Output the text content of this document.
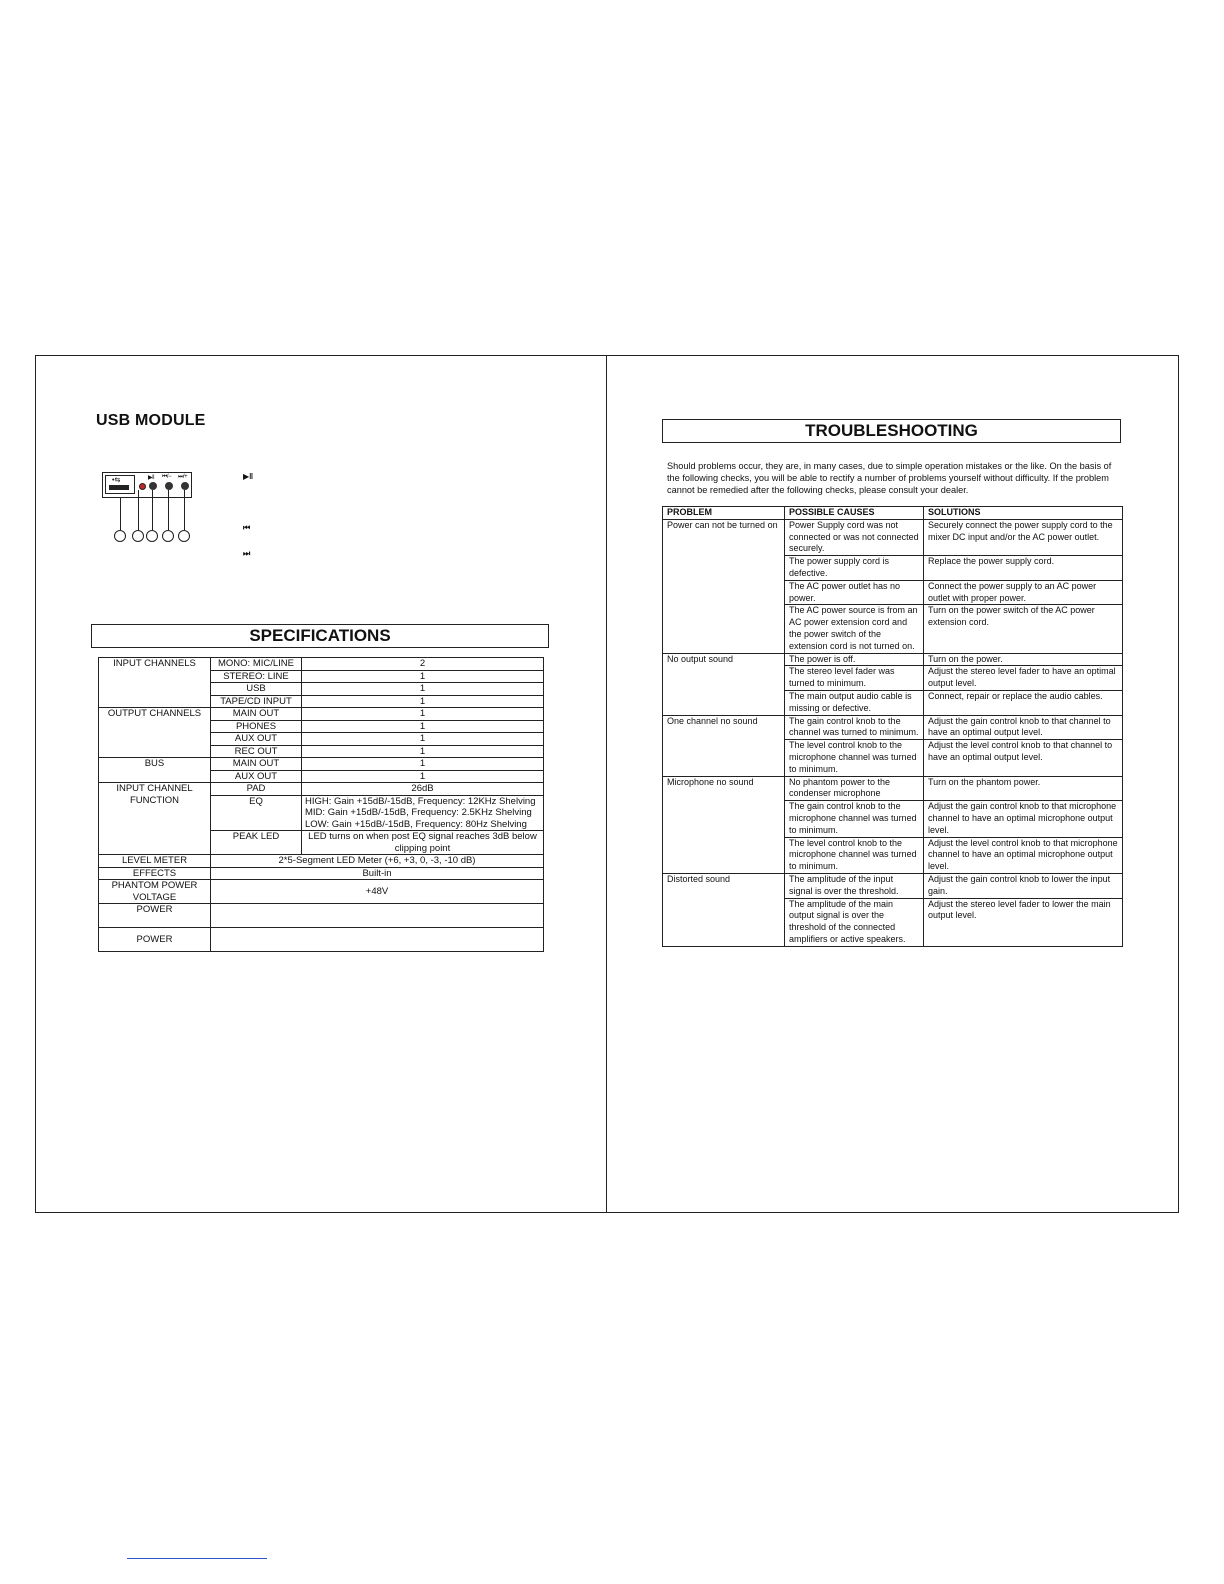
USB MODULE
•⇆	▶‖ ⏮/− ⏭/+	▶‖
⏮
⏭
SPECIFICATIONS
INPUT CHANNELS	MONO: MIC/LINE	2
	STEREO: LINE	1
	USB	1
	TAPE/CD INPUT	1
OUTPUT CHANNELS	MAIN OUT	1
	PHONES	1
	AUX OUT	1
	REC OUT	1
BUS	MAIN OUT	1
	AUX OUT	1

INPUT CHANNEL
FUNCTION	PAD	26dB
	EQ	HIGH: Gain +15dB/-15dB, Frequency: 12KHz Shelving
MID: Gain +15dB/-15dB, Frequency: 2.5KHz Shelving
LOW: Gain +15dB/-15dB, Frequency: 80Hz Shelving

	PEAK LED	LED turns on when post EQ signal reaches 3dB below clipping point
LEVEL METER	2*5-Segment LED Meter (+6, +3, 0, -3, -10 dB)	
EFFECTS	Built-in	
PHANTOM POWER VOLTAGE	+48V	
POWER		
POWER		
TROUBLESHOOTING
Should problems occur, they are, in many cases, due to simple operation mistakes or the like. On the basis of the following checks, you will be able to rectify a number of problems yourself without difficulty. If the problem cannot be remedied after the following checks, please consult your dealer.
PROBLEM	POSSIBLE CAUSES	SOLUTIONS
Power can not be turned on	Power Supply cord was not connected or was not connected securely.	Securely connect the power supply cord to the mixer DC input and/or the AC power outlet.
	The power supply cord is defective.	Replace the power supply cord.
	The AC power outlet has no power.	Connect the power supply to an AC power outlet with proper power.
	The AC power source is from an AC power extension cord and the power switch of the extension cord is not turned on.	Turn on the power switch of the AC power extension cord.
No output sound	The power is off.	Turn on the power.
	The stereo level fader was turned to minimum.	Adjust the stereo level fader to have an optimal output level.
	The main output audio cable is missing or defective.	Connect, repair or replace the audio cables.
One channel no sound	The gain control knob to the channel was turned to minimum.	Adjust the gain control knob to that channel to have an optimal output level.
	The level control knob to the microphone channel was turned to minimum.	Adjust the level control knob to that channel to have an optimal output level.
Microphone no sound	No phantom power to the condenser microphone	Turn on the phantom power.
	The gain control knob to the microphone channel was turned to minimum.	Adjust the gain control knob to that microphone channel to have an optimal microphone output level.
	The level control knob to the microphone channel was turned to minimum.	Adjust the level control knob to that microphone channel to have an optimal microphone output level.
Distorted sound	The amplitude of the input signal is over the threshold.	Adjust the gain control knob to lower the input gain.
	The amplitude of the main output signal is over the threshold of the connected amplifiers or active speakers.	Adjust the stereo level fader to lower the main output level.
